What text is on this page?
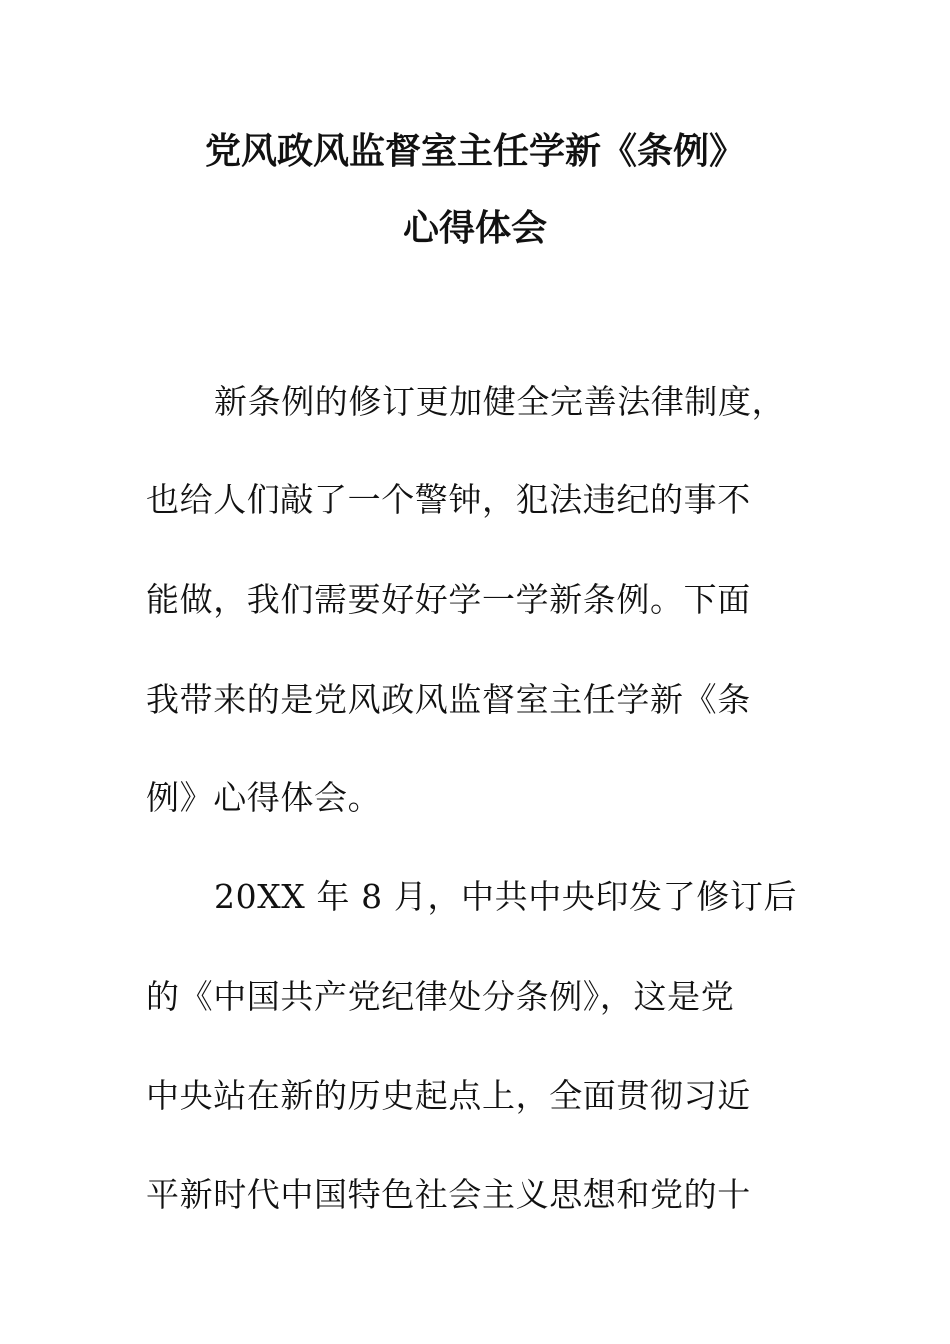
党风政风监督室主任学新《条例》
心得体会
新条例的修订更加健全完善法律制度，
也给人们敲了一个警钟，犯法违纪的事不
能做，我们需要好好学一学新条例。下面
我带来的是党风政风监督室主任学新《条
例》心得体会。
20XX 年 8 月，中共中央印发了修订后
的《中国共产党纪律处分条例》，这是党
中央站在新的历史起点上，全面贯彻习近
平新时代中国特色社会主义思想和党的十
